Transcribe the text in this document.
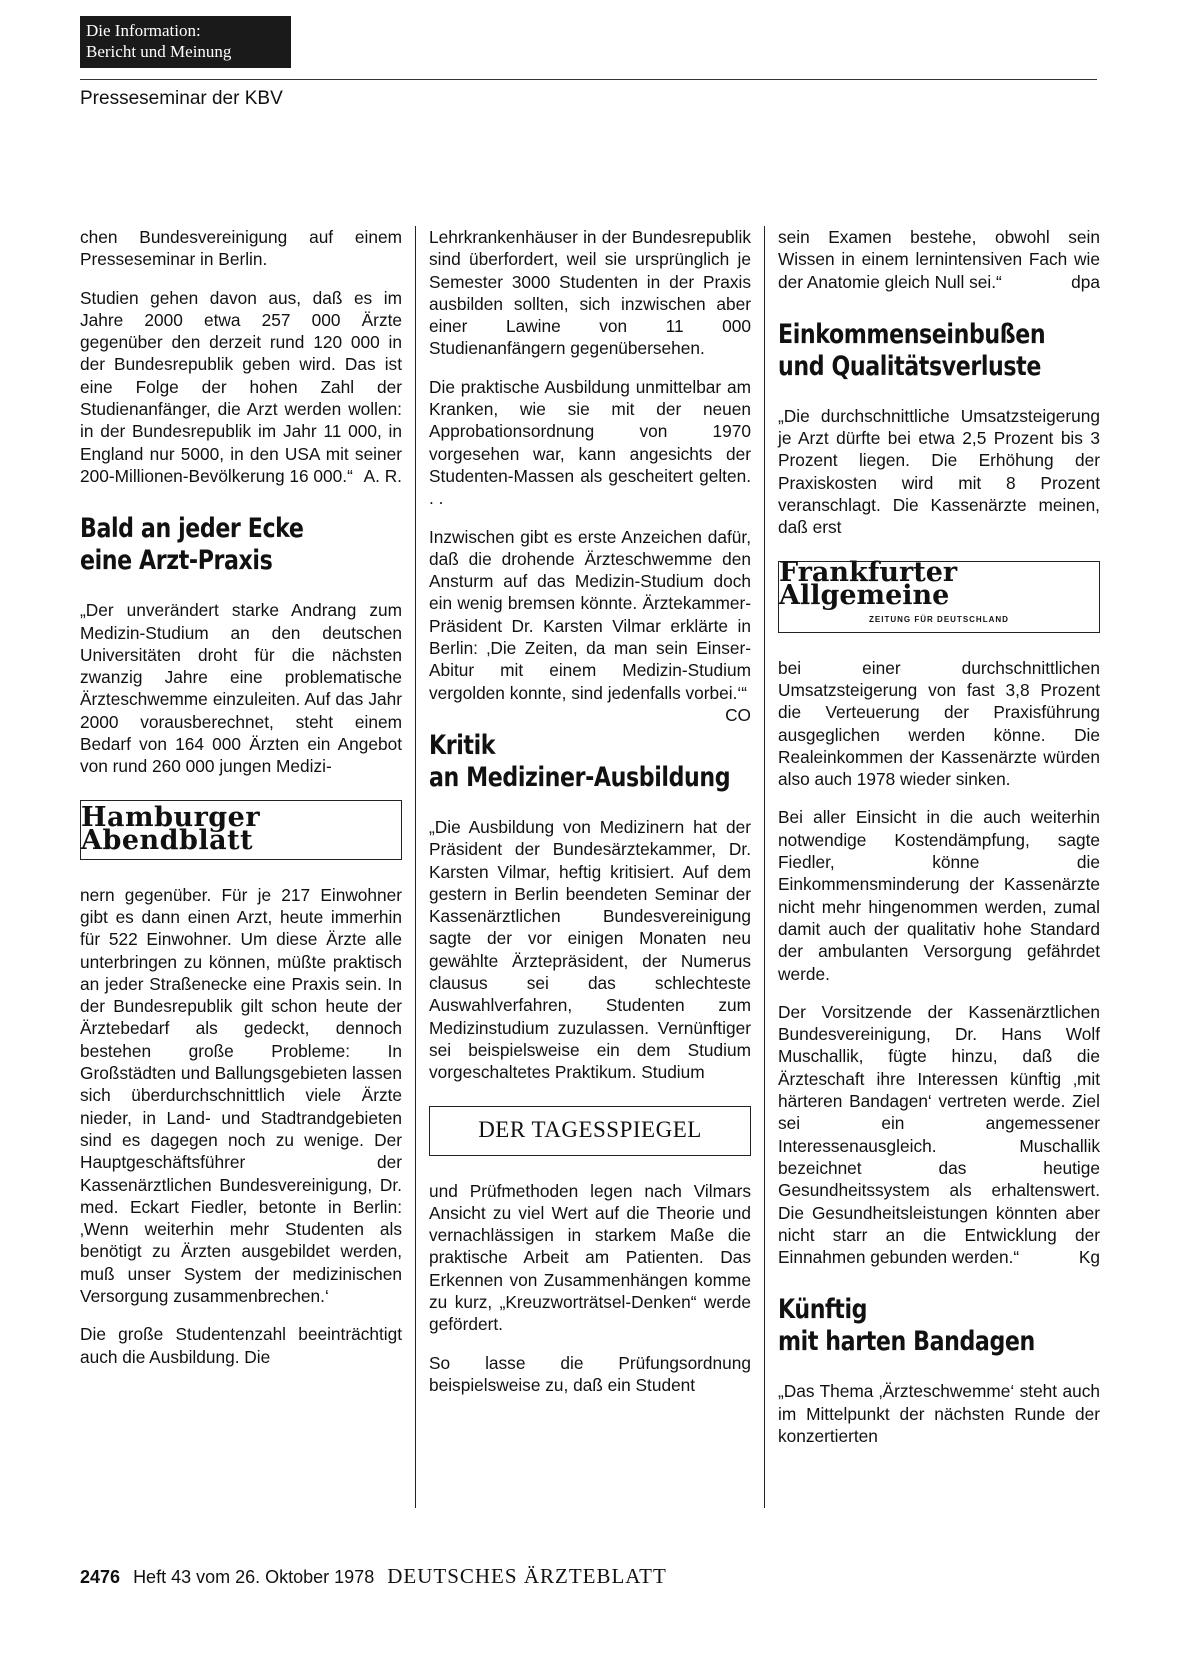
Die Information:
Bericht und Meinung
Presseseminar der KBV

chen Bundesvereinigung auf einem Presseseminar in Berlin.

Studien gehen davon aus, daß es im Jahre 2000 etwa 257 000 Ärzte gegenüber den derzeit rund 120 000 in der Bundesrepublik geben wird. Das ist eine Folge der hohen Zahl der Studienanfänger, die Arzt werden wollen: in der Bundesrepublik im Jahr 11 000, in England nur 5000, in den USA mit seiner 200-Millionen-Bevölkerung 16 000.“ A. R.

Bald an jeder Ecke
eine Arzt-Praxis

„Der unverändert starke Andrang zum Medizin-Studium an den deutschen Universitäten droht für die nächsten zwanzig Jahre eine problematische Ärzteschwemme einzuleiten. Auf das Jahr 2000 vorausberechnet, steht einem Bedarf von 164 000 Ärzten ein Angebot von rund 260 000 jungen Medizi-

Hamburger Abendblatt

nern gegenüber. Für je 217 Einwohner gibt es dann einen Arzt, heute immerhin für 522 Einwohner. Um diese Ärzte alle unterbringen zu können, müßte praktisch an jeder Straßenecke eine Praxis sein. In der Bundesrepublik gilt schon heute der Ärztebedarf als gedeckt, dennoch bestehen große Probleme: In Großstädten und Ballungsgebieten lassen sich überdurchschnittlich viele Ärzte nieder, in Land- und Stadtrandgebieten sind es dagegen noch zu wenige. Der Hauptgeschäftsführer der Kassenärztlichen Bundesvereinigung, Dr. med. Eckart Fiedler, betonte in Berlin: ‚Wenn weiterhin mehr Studenten als benötigt zu Ärzten ausgebildet werden, muß unser System der medizinischen Versorgung zusammenbrechen.‘

Die große Studentenzahl beeinträchtigt auch die Ausbildung. Die

Lehrkrankenhäuser in der Bundesrepublik sind überfordert, weil sie ursprünglich je Semester 3000 Studenten in der Praxis ausbilden sollten, sich inzwischen aber einer Lawine von 11 000 Studienanfängern gegenübersehen.

Die praktische Ausbildung unmittelbar am Kranken, wie sie mit der neuen Approbationsordnung von 1970 vorgesehen war, kann angesichts der Studenten-Massen als gescheitert gelten. . .

Inzwischen gibt es erste Anzeichen dafür, daß die drohende Ärzteschwemme den Ansturm auf das Medizin-Studium doch ein wenig bremsen könnte. Ärztekammer-Präsident Dr. Karsten Vilmar erklärte in Berlin: ‚Die Zeiten, da man sein Einser-Abitur mit einem Medizin-Studium vergolden konnte, sind jedenfalls vorbei.‘“
CO

Kritik
an Mediziner-Ausbildung

„Die Ausbildung von Medizinern hat der Präsident der Bundesärztekammer, Dr. Karsten Vilmar, heftig kritisiert. Auf dem gestern in Berlin beendeten Seminar der Kassenärztlichen Bundesvereinigung sagte der vor einigen Monaten neu gewählte Ärztepräsident, der Numerus clausus sei das schlechteste Auswahlverfahren, Studenten zum Medizinstudium zuzulassen. Vernünftiger sei beispielsweise ein dem Studium vorgeschaltetes Praktikum. Studium

DER TAGESSPIEGEL

und Prüfmethoden legen nach Vilmars Ansicht zu viel Wert auf die Theorie und vernachlässigen in starkem Maße die praktische Arbeit am Patienten. Das Erkennen von Zusammenhängen komme zu kurz, „Kreuzworträtsel-Denken“ werde gefördert.

So lasse die Prüfungsordnung beispielsweise zu, daß ein Student

sein Examen bestehe, obwohl sein Wissen in einem lernintensiven Fach wie der Anatomie gleich Null sei.“	dpa

Einkommenseinbußen
und Qualitätsverluste

„Die durchschnittliche Umsatzsteigerung je Arzt dürfte bei etwa 2,5 Prozent bis 3 Prozent liegen. Die Erhöhung der Praxiskosten wird mit 8 Prozent veranschlagt. Die Kassenärzte meinen, daß erst

Frankfurter Allgemeine
ZEITUNG FÜR DEUTSCHLAND

bei einer durchschnittlichen Umsatzsteigerung von fast 3,8 Prozent die Verteuerung der Praxisführung ausgeglichen werden könne. Die Realeinkommen der Kassenärzte würden also auch 1978 wieder sinken.

Bei aller Einsicht in die auch weiterhin notwendige Kostendämpfung, sagte Fiedler, könne die Einkommensminderung der Kassenärzte nicht mehr hingenommen werden, zumal damit auch der qualitativ hohe Standard der ambulanten Versorgung gefährdet werde.

Der Vorsitzende der Kassenärztlichen Bundesvereinigung, Dr. Hans Wolf Muschallik, fügte hinzu, daß die Ärzteschaft ihre Interessen künftig ‚mit härteren Bandagen‘ vertreten werde. Ziel sei ein angemessener Interessenausgleich. Muschallik bezeichnet das heutige Gesundheitssystem als erhaltenswert. Die Gesundheitsleistungen könnten aber nicht starr an die Entwicklung der Einnahmen gebunden werden.“	Kg

Künftig
mit harten Bandagen

„Das Thema ‚Ärzteschwemme‘ steht auch im Mittelpunkt der nächsten Runde der konzertierten

2476 Heft 43 vom 26. Oktober 1978 DEUTSCHES ÄRZTEBLATT
